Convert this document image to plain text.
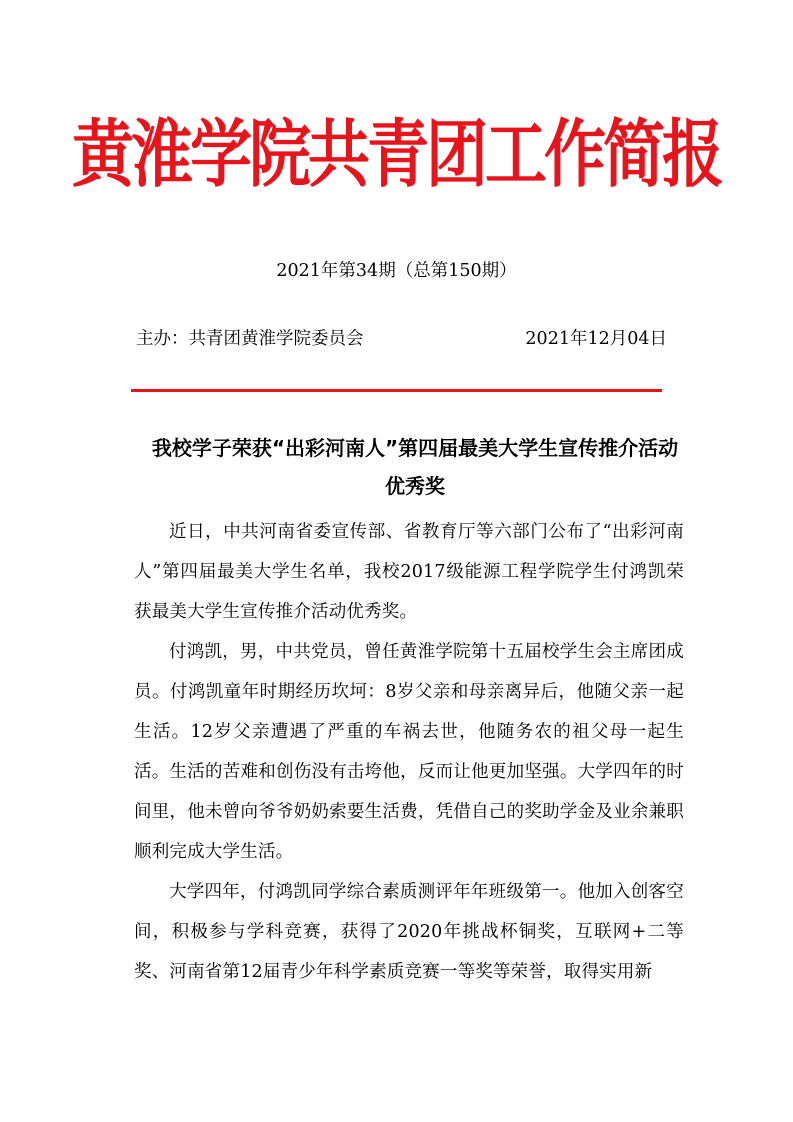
黄淮学院共青团工作简报
2021年第34期（总第150期）
主办：共青团黄淮学院委员会	2021年12月04日
我校学子荣获“出彩河南人”第四届最美大学生宣传推介活动优秀奖

近日，中共河南省委宣传部、省教育厅等六部门公布了“出彩河南人”第四届最美大学生名单，我校2017级能源工程学院学生付鸿凯荣获最美大学生宣传推介活动优秀奖。

付鸿凯，男，中共党员，曾任黄淮学院第十五届校学生会主席团成员。付鸿凯童年时期经历坎坷：8岁父亲和母亲离异后，他随父亲一起生活。12岁父亲遭遇了严重的车祸去世，他随务农的祖父母一起生活。生活的苦难和创伤没有击垮他，反而让他更加坚强。大学四年的时间里，他未曾向爷爷奶奶索要生活费，凭借自己的奖助学金及业余兼职顺利完成大学生活。

大学四年，付鸿凯同学综合素质测评年年班级第一。他加入创客空间，积极参与学科竞赛，获得了2020年挑战杯铜奖，互联网+二等奖、河南省第12届青少年科学素质竞赛一等奖等荣誉，取得实用新
